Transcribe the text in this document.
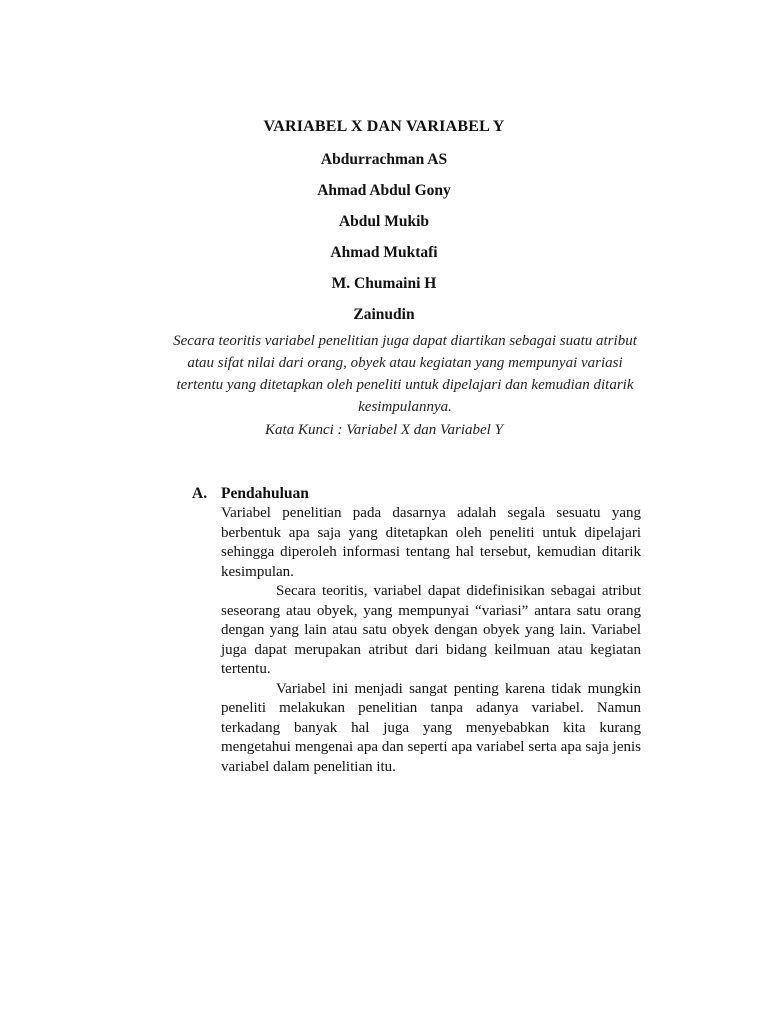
VARIABEL X DAN VARIABEL Y
Abdurrachman AS
Ahmad Abdul Gony
Abdul Mukib
Ahmad Muktafi
M. Chumaini H
Zainudin
Secara teoritis variabel penelitian juga dapat diartikan sebagai suatu atribut atau sifat nilai dari orang, obyek atau kegiatan yang mempunyai variasi tertentu yang ditetapkan oleh peneliti untuk dipelajari dan kemudian ditarik kesimpulannya.
Kata Kunci : Variabel X dan Variabel Y
A. Pendahuluan

Variabel penelitian pada dasarnya adalah segala sesuatu yang berbentuk apa saja yang ditetapkan oleh peneliti untuk dipelajari sehingga diperoleh informasi tentang hal tersebut, kemudian ditarik kesimpulan.

Secara teoritis, variabel dapat didefinisikan sebagai atribut seseorang atau obyek, yang mempunyai “variasi” antara satu orang dengan yang lain atau satu obyek dengan obyek yang lain. Variabel juga dapat merupakan atribut dari bidang keilmuan atau kegiatan tertentu.

Variabel ini menjadi sangat penting karena tidak mungkin peneliti melakukan penelitian tanpa adanya variabel. Namun terkadang banyak hal juga yang menyebabkan kita kurang mengetahui mengenai apa dan seperti apa variabel serta apa saja jenis variabel dalam penelitian itu.
